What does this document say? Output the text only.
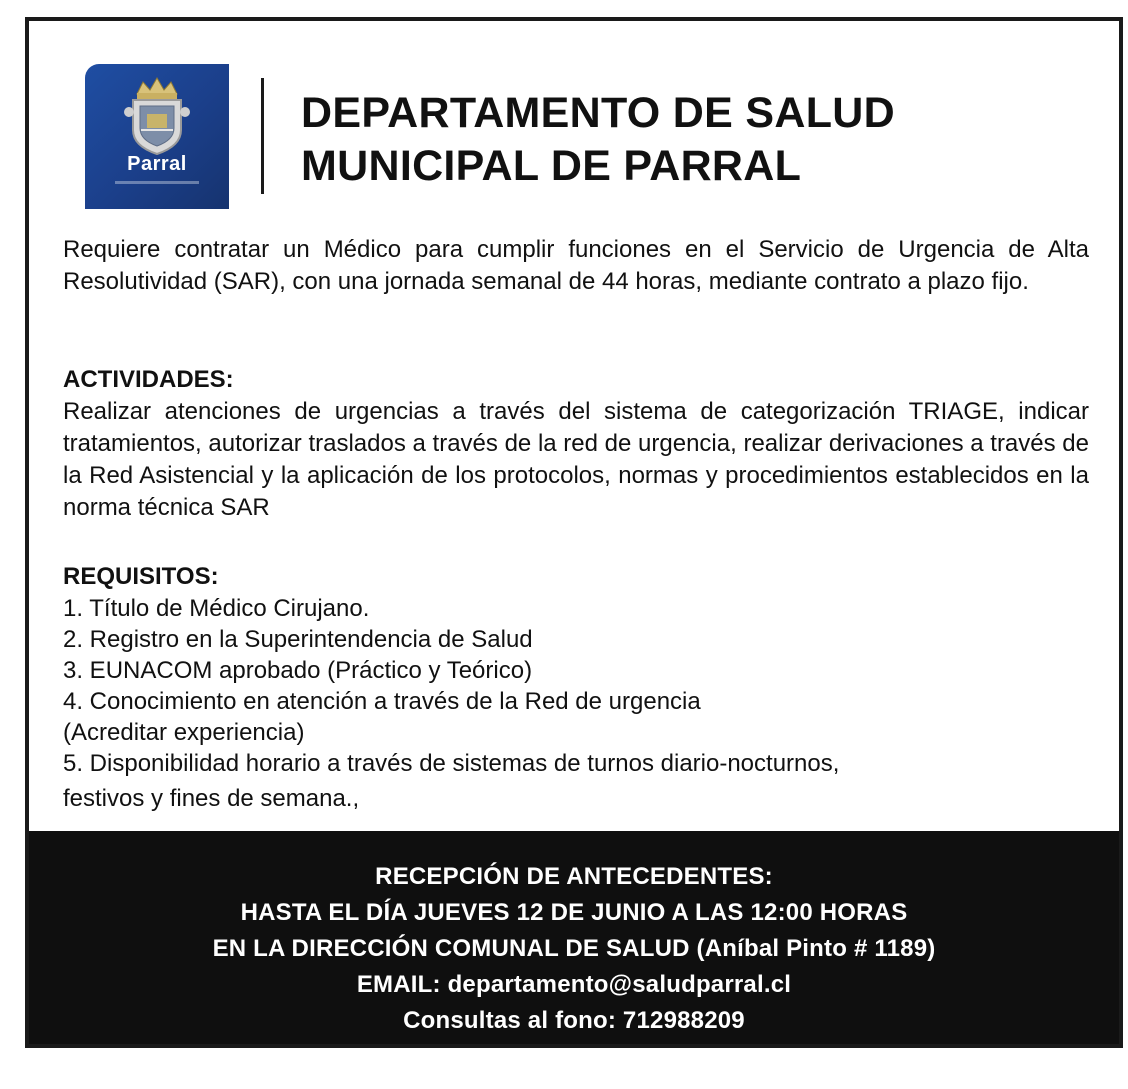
Parral
DEPARTAMENTO DE SALUD
MUNICIPAL DE PARRAL

Requiere contratar un Médico para cumplir funciones en el Servicio de Urgencia de Alta Resolutividad (SAR), con una jornada semanal de 44 horas, mediante contrato a plazo fijo.

ACTIVIDADES:

Realizar atenciones de urgencias a través del sistema de categorización TRIAGE, indicar tratamientos, autorizar traslados a través de la red de urgencia, realizar derivaciones a través de la Red Asistencial y la aplicación de los protocolos, normas y procedimientos establecidos en la norma técnica SAR

REQUISITOS:
1. Título de Médico Cirujano.
2. Registro en la Superintendencia de Salud
3. EUNACOM aprobado (Práctico y Teórico)
4. Conocimiento en atención a través de la Red de urgencia
(Acreditar experiencia)
5. Disponibilidad horario a través de sistemas de turnos diario-nocturnos,
festivos y fines de semana.,
RECEPCIÓN DE ANTECEDENTES:
HASTA EL DÍA JUEVES 12 DE JUNIO A LAS 12:00 HORAS
EN LA DIRECCIÓN COMUNAL DE SALUD (Aníbal Pinto # 1189)
EMAIL: departamento@saludparral.cl
Consultas al fono: 712988209
